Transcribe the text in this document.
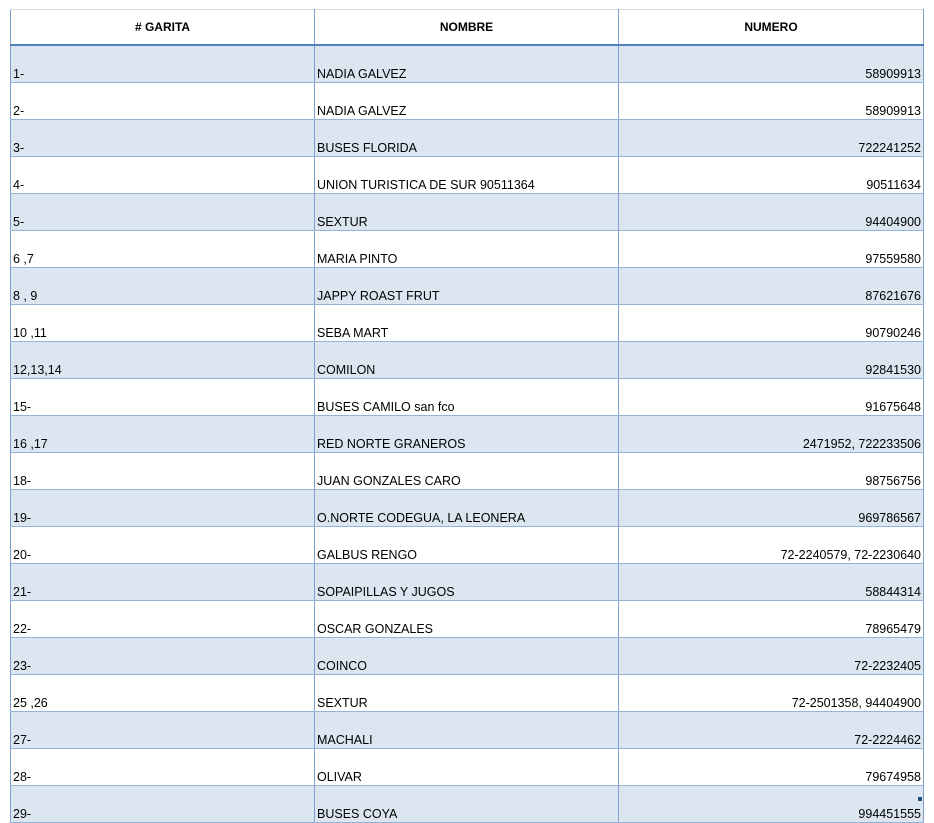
# GARITA	NOMBRE	NUMERO
1-	NADIA GALVEZ	58909913
2-	NADIA GALVEZ	58909913
3-	BUSES FLORIDA	722241252
4-	UNION TURISTICA DE SUR 90511364	90511634
5-	SEXTUR	94404900
6 ,7	MARIA PINTO	97559580
8 , 9	JAPPY ROAST FRUT	87621676
10 ,11	SEBA MART	90790246
12,13,14	COMILON	92841530
15-	BUSES CAMILO san fco	91675648
16 ,17	RED NORTE GRANEROS	2471952, 722233506
18-	JUAN GONZALES CARO	98756756
19-	O.NORTE CODEGUA, LA LEONERA	969786567
20-	GALBUS RENGO	72-2240579, 72-2230640
21-	SOPAIPILLAS Y JUGOS	58844314
22-	OSCAR GONZALES	78965479
23-	COINCO	72-2232405
25 ,26	SEXTUR	72-2501358, 94404900
27-	MACHALI	72-2224462
28-	OLIVAR	79674958
29-	BUSES COYA	994451555
